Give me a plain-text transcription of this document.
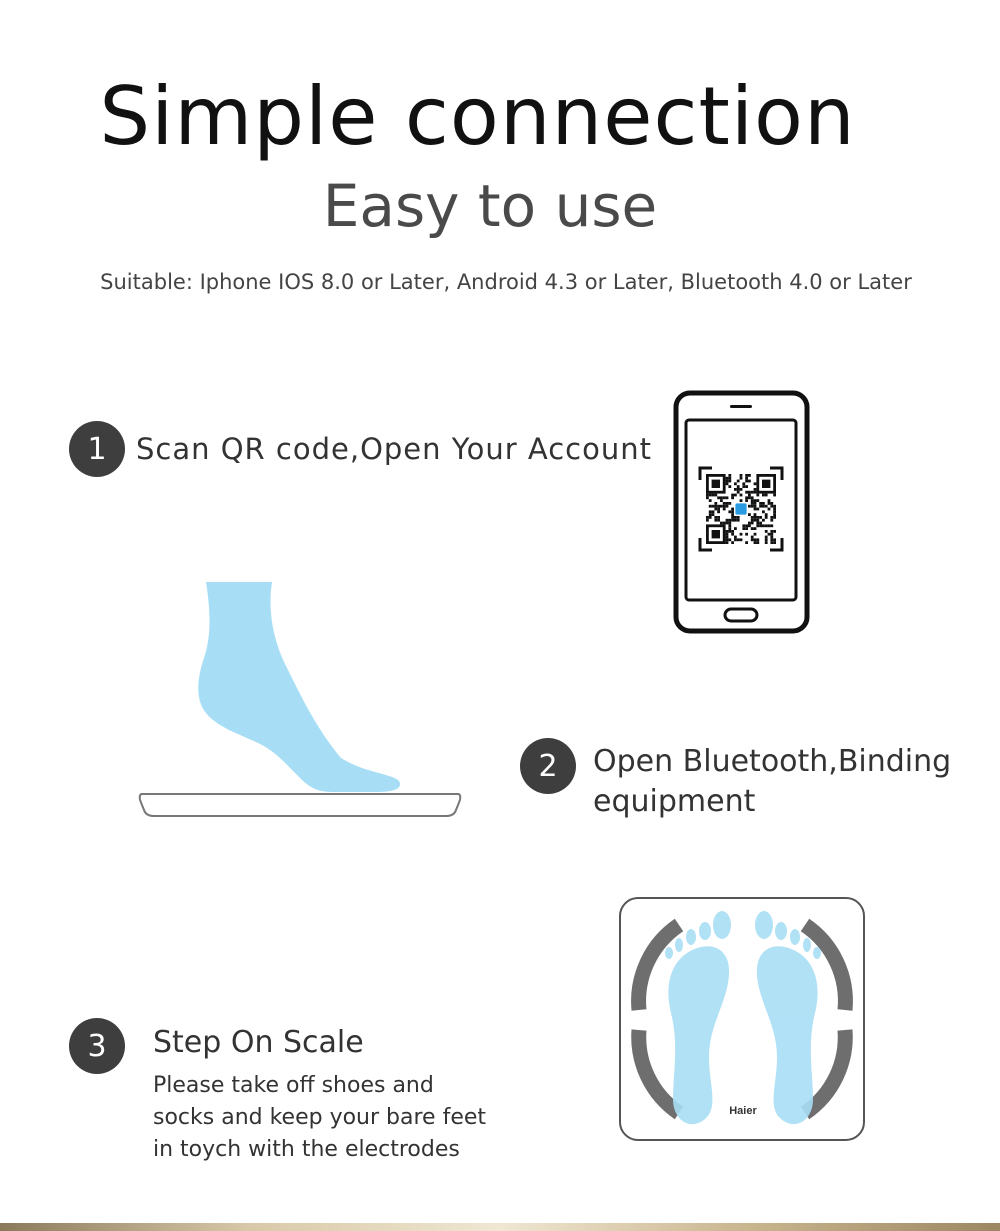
Simple connection
Easy to use
Suitable: Iphone IOS 8.0 or Later, Android 4.3 or Later, Bluetooth 4.0 or Later
1	Scan QR code,Open Your Account
2	Open Bluetooth,Binding
equipment
3	Step On Scale
Please take off shoes and
socks and keep your bare feet
in toych with the electrodes
Haier
